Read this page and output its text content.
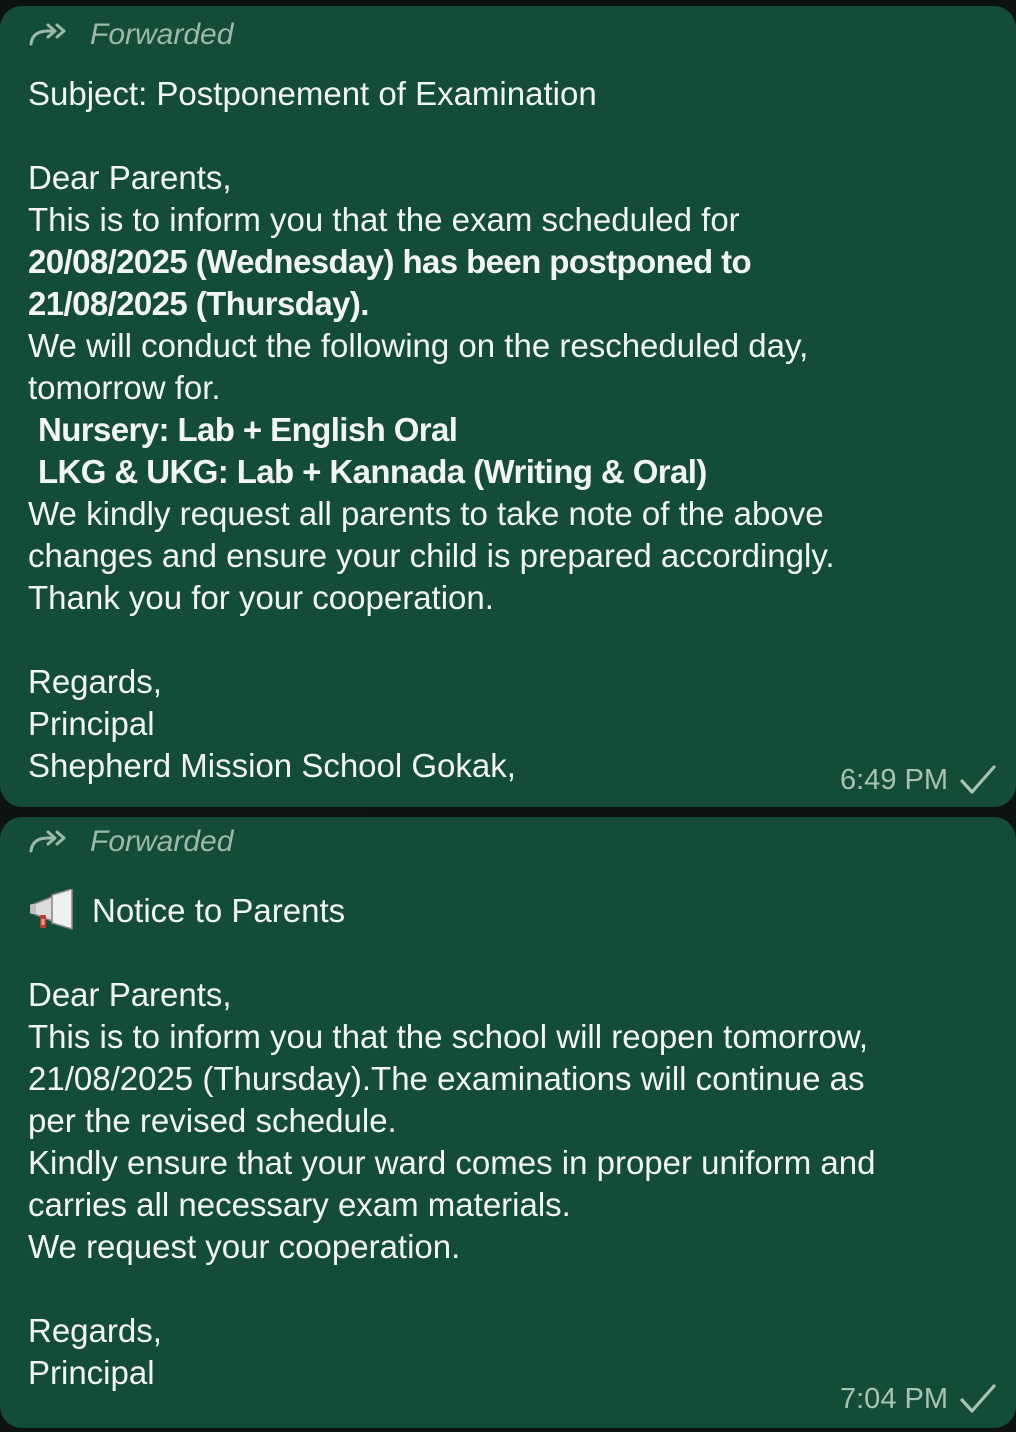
Forwarded
Subject: Postponement of Examination
Dear Parents,
This is to inform you that the exam scheduled for
20/08/2025 (Wednesday) has been postponed to
21/08/2025 (Thursday).
We will conduct the following on the rescheduled day,
tomorrow for.
Nursery: Lab + English Oral
LKG & UKG: Lab + Kannada (Writing & Oral)
We kindly request all parents to take note of the above
changes and ensure your child is prepared accordingly.
Thank you for your cooperation.
Regards,
Principal
Shepherd Mission School Gokak,	6:49 PM
Forwarded
Notice to Parents
Dear Parents,
This is to inform you that the school will reopen tomorrow,
21/08/2025 (Thursday).The examinations will continue as
per the revised schedule.
Kindly ensure that your ward comes in proper uniform and
carries all necessary exam materials.
We request your cooperation.
Regards,
Principal
7:04 PM
